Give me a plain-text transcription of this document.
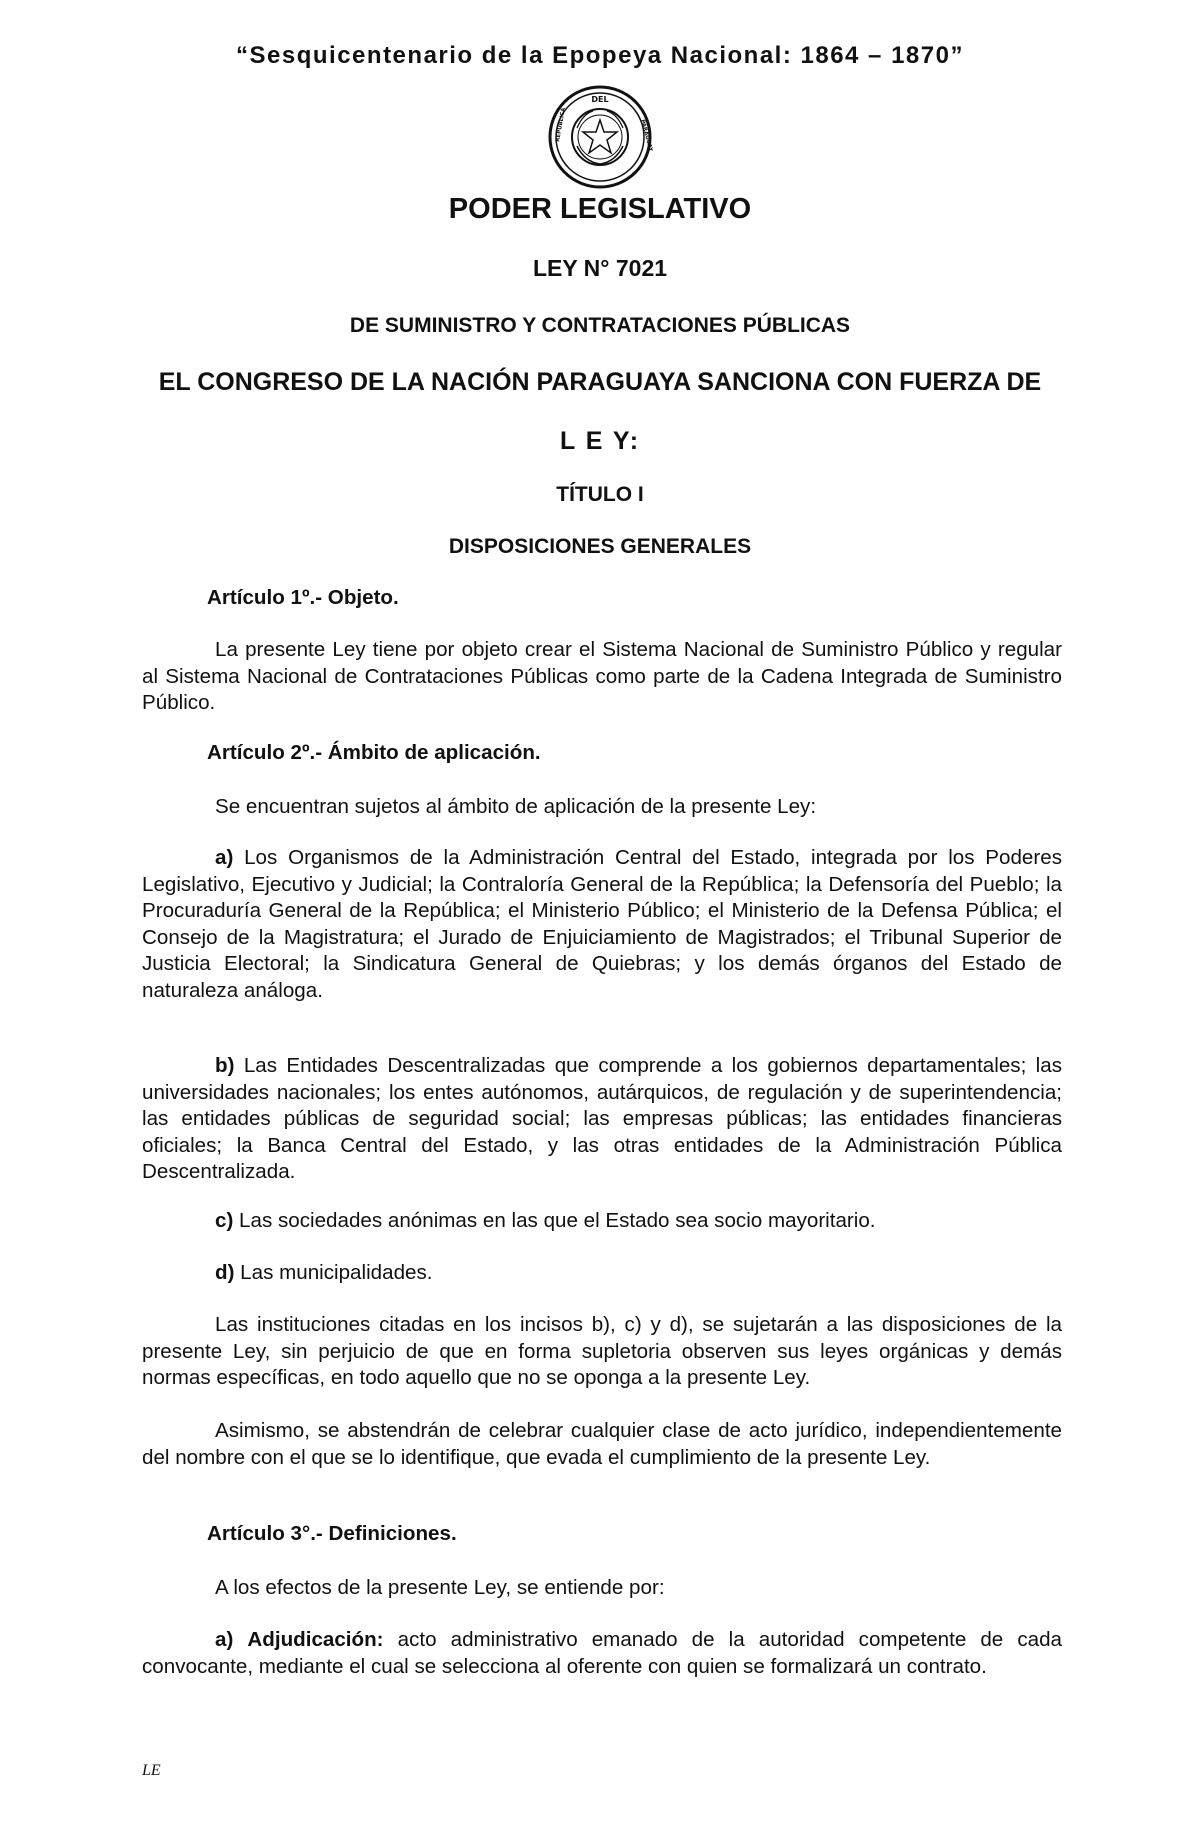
“Sesquicentenario de la Epopeya Nacional: 1864 – 1870”
DEL
REPÚBLICA	PARAGUAY
PODER LEGISLATIVO
LEY N° 7021
DE SUMINISTRO Y CONTRATACIONES PÚBLICAS
EL CONGRESO DE LA NACIÓN PARAGUAYA SANCIONA CON FUERZA DE
L E Y:
TÍTULO I
DISPOSICIONES GENERALES
Artículo 1º.- Objeto.

La presente Ley tiene por objeto crear el Sistema Nacional de Suministro Público y regular al Sistema Nacional de Contrataciones Públicas como parte de la Cadena Integrada de Suministro Público.

Artículo 2º.- Ámbito de aplicación.

Se encuentran sujetos al ámbito de aplicación de la presente Ley:

a) Los Organismos de la Administración Central del Estado, integrada por los Poderes Legislativo, Ejecutivo y Judicial; la Contraloría General de la República; la Defensoría del Pueblo; la Procuraduría General de la República; el Ministerio Público; el Ministerio de la Defensa Pública; el Consejo de la Magistratura; el Jurado de Enjuiciamiento de Magistrados; el Tribunal Superior de Justicia Electoral; la Sindicatura General de Quiebras; y los demás órganos del Estado de naturaleza análoga.

b) Las Entidades Descentralizadas que comprende a los gobiernos departamentales; las universidades nacionales; los entes autónomos, autárquicos, de regulación y de superintendencia; las entidades públicas de seguridad social; las empresas públicas; las entidades financieras oficiales; la Banca Central del Estado, y las otras entidades de la Administración Pública Descentralizada.

c) Las sociedades anónimas en las que el Estado sea socio mayoritario.

d) Las municipalidades.

Las instituciones citadas en los incisos b), c) y d), se sujetarán a las disposiciones de la presente Ley, sin perjuicio de que en forma supletoria observen sus leyes orgánicas y demás normas específicas, en todo aquello que no se oponga a la presente Ley.

Asimismo, se abstendrán de celebrar cualquier clase de acto jurídico, independientemente del nombre con el que se lo identifique, que evada el cumplimiento de la presente Ley.

Artículo 3°.- Definiciones.

A los efectos de la presente Ley, se entiende por:

a) Adjudicación: acto administrativo emanado de la autoridad competente de cada convocante, mediante el cual se selecciona al oferente con quien se formalizará un contrato.

LE
